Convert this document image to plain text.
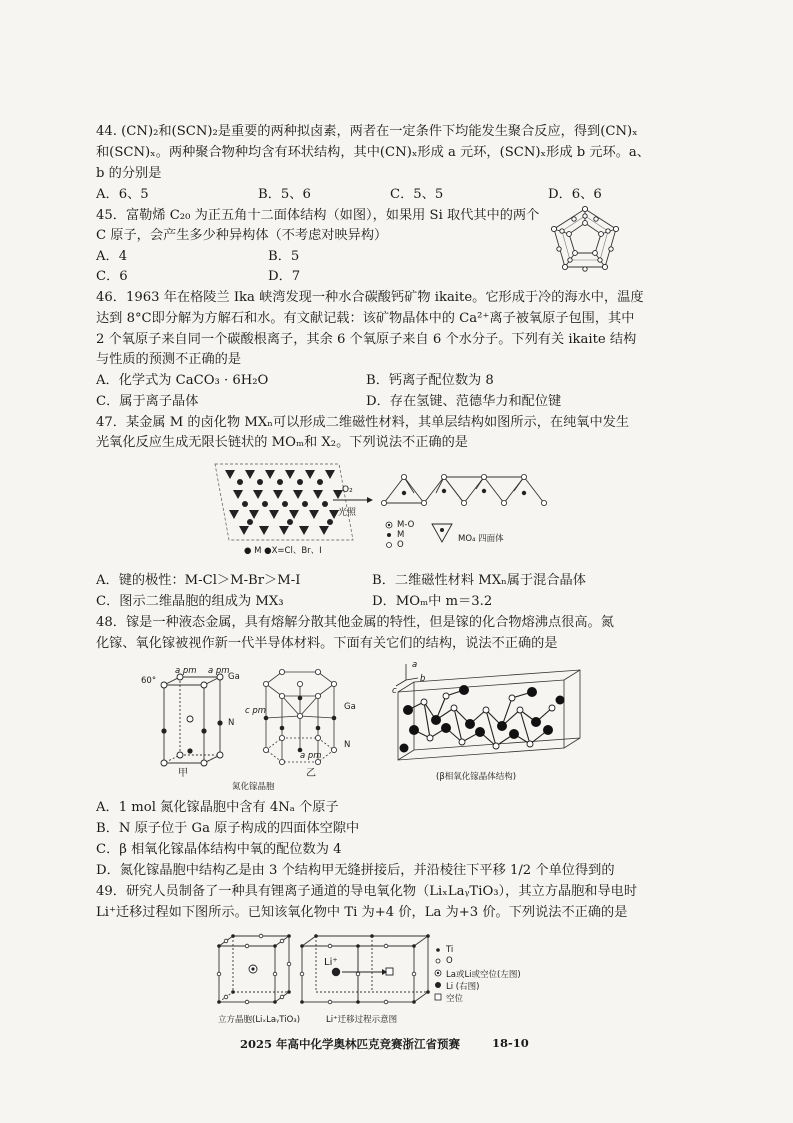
44. (CN)₂和(SCN)₂是重要的两种拟卤素，两者在一定条件下均能发生聚合反应，得到(CN)ₓ
和(SCN)ₓ。两种聚合物种均含有环状结构，其中(CN)ₓ形成 a 元环，(SCN)ₓ形成 b 元环。a、
b 的分别是
A．6、5	B．5、6	C．5、5	D．6、6
45．富勒烯 C₂₀ 为正五角十二面体结构（如图），如果用 Si 取代其中的两个
C 原子，会产生多少种异构体（不考虑对映异构）
A．4	B．5
C．6	D．7
46．1963 年在格陵兰 Ika 峡湾发现一种水合碳酸钙矿物 ikaite。它形成于冷的海水中，温度
达到 8°C即分解为方解石和水。有文献记载：该矿物晶体中的 Ca²⁺离子被氧原子包围，其中
2 个氧原子来自同一个碳酸根离子，其余 6 个氧原子来自 6 个水分子。下列有关 ikaite 结构
与性质的预测不正确的是
A．化学式为 CaCO₃ · 6H₂O	B．钙离子配位数为 8
C．属于离子晶体	D．存在氢键、范德华力和配位键
47．某金属 M 的卤化物 MXₙ可以形成二维磁性材料，其单层结构如图所示，在纯氧中发生
光氧化反应生成无限长链状的 MOₘ和 X₂。下列说法不正确的是
● M ●X=Cl、Br、I
O₂
光照
M-O
M
O
MO₄ 四面体
A．键的极性：M-Cl＞M-Br＞M-I	B．二维磁性材料 MXₙ属于混合晶体
C．图示二维晶胞的组成为 MX₃	D．MOₘ中 m＝3.2
48．镓是一种液态金属，具有熔解分散其他金属的特性，但是镓的化合物熔沸点很高。氮
化镓、氧化镓被视作新一代半导体材料。下面有关它们的结构，说法不正确的是
60°
a pm a pm
Ga
N
甲
c pm	Ga
N
a pm
乙
氮化镓晶胞
a
c
b
(β相氧化镓晶体结构)
A．1 mol 氮化镓晶胞中含有 4Nₐ 个原子
B．N 原子位于 Ga 原子构成的四面体空隙中
C．β 相氧化镓晶体结构中氧的配位数为 4
D．氮化镓晶胞中结构乙是由 3 个结构甲无缝拼接后，并沿棱往下平移 1/2 个单位得到的
49．研究人员制备了一种具有锂离子通道的导电氧化物（LiₓLaᵧTiO₃），其立方晶胞和导电时
Li⁺迁移过程如下图所示。已知该氧化物中 Ti 为+4 价，La 为+3 价。下列说法不正确的是
Li⁺
立方晶胞(LiₓLaᵧTiO₃)	Li⁺迁移过程示意图
Ti
O
La或Li或空位(左图)
Li (右图)
空位
2025 年高中化学奥林匹克竞赛浙江省预赛	18-10
